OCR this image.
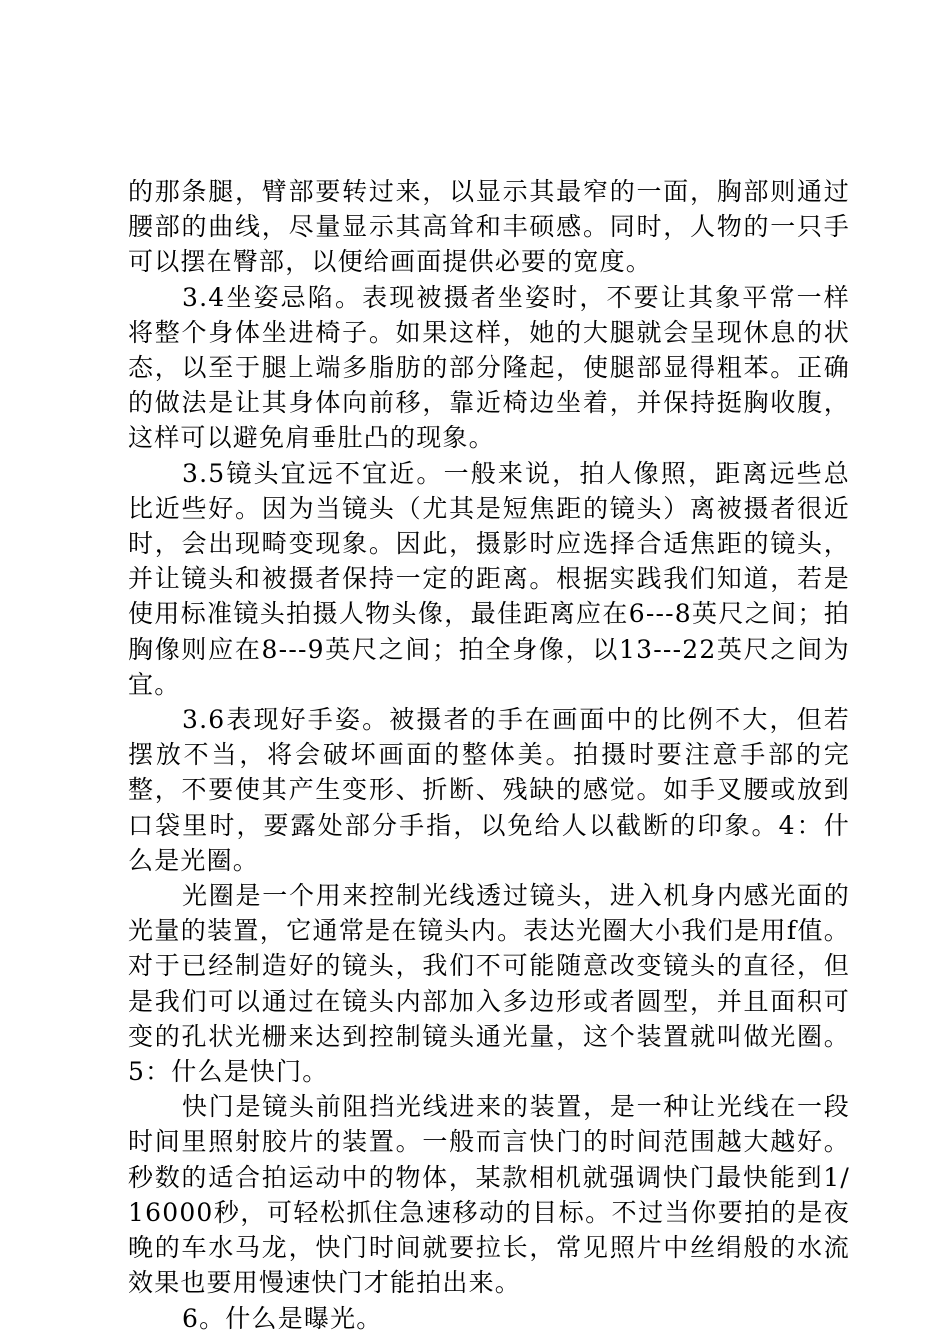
的那条腿，臂部要转过来，以显示其最窄的一面，胸部则通过腰部的曲线，尽量显示其高耸和丰硕感。同时，人物的一只手可以摆在臀部，以便给画面提供必要的宽度。

3.4坐姿忌陷。表现被摄者坐姿时，不要让其象平常一样将整个身体坐进椅子。如果这样，她的大腿就会呈现休息的状态，以至于腿上端多脂肪的部分隆起，使腿部显得粗苯。正确的做法是让其身体向前移，靠近椅边坐着，并保持挺胸收腹，这样可以避免肩垂肚凸的现象。

3.5镜头宜远不宜近。一般来说，拍人像照，距离远些总比近些好。因为当镜头（尤其是短焦距的镜头）离被摄者很近时，会出现畸变现象。因此，摄影时应选择合适焦距的镜头，并让镜头和被摄者保持一定的距离。根据实践我们知道，若是使用标准镜头拍摄人物头像，最佳距离应在6---8英尺之间；拍胸像则应在8---9英尺之间；拍全身像，以13---22英尺之间为宜。

3.6表现好手姿。被摄者的手在画面中的比例不大，但若摆放不当，将会破坏画面的整体美。拍摄时要注意手部的完整，不要使其产生变形、折断、残缺的感觉。如手叉腰或放到口袋里时，要露处部分手指，以免给人以截断的印象。4：什么是光圈。

光圈是一个用来控制光线透过镜头，进入机身内感光面的光量的装置，它通常是在镜头内。表达光圈大小我们是用f值。对于已经制造好的镜头，我们不可能随意改变镜头的直径，但是我们可以通过在镜头内部加入多边形或者圆型，并且面积可变的孔状光栅来达到控制镜头通光量，这个装置就叫做光圈。5：什么是快门。

快门是镜头前阻挡光线进来的装置，是一种让光线在一段时间里照射胶片的装置。一般而言快门的时间范围越大越好。秒数的适合拍运动中的物体，某款相机就强调快门最快能到1/16000秒，可轻松抓住急速移动的目标。不过当你要拍的是夜晚的车水马龙，快门时间就要拉长，常见照片中丝绢般的水流效果也要用慢速快门才能拍出来。

6。什么是曝光。
